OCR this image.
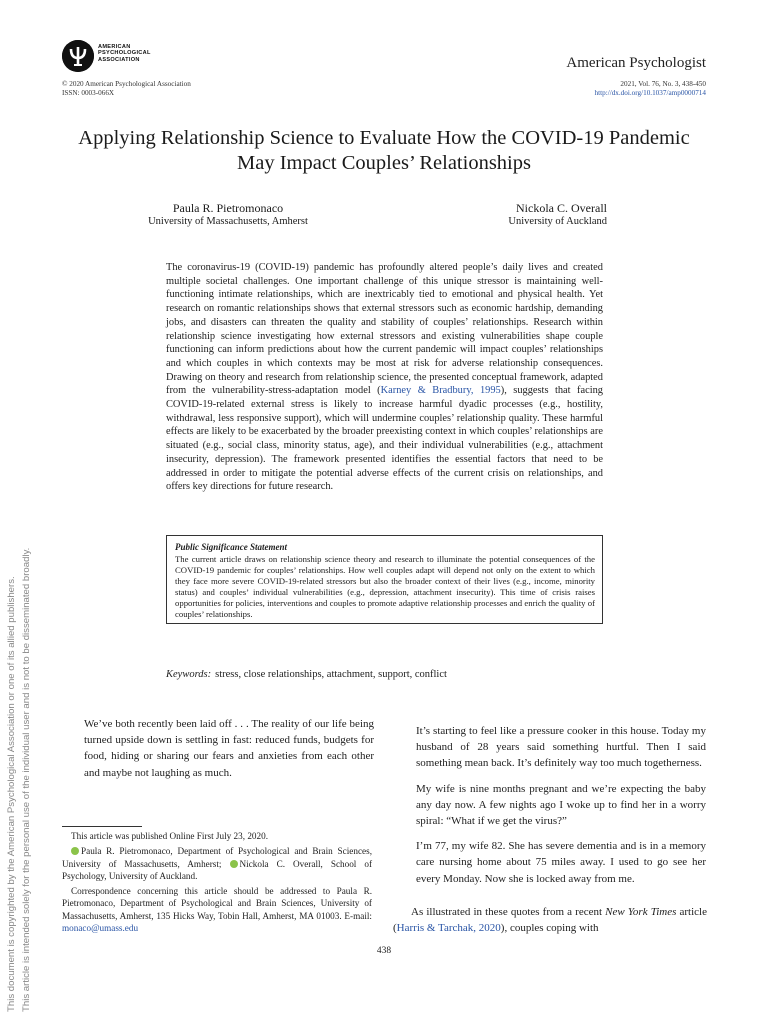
AMERICAN
PSYCHOLOGICAL
ASSOCIATION	American Psychologist
© 2020 American Psychological Association
ISSN: 0003-066X
2021, Vol. 76, No. 3, 438-450
http://dx.doi.org/10.1037/amp0000714
Applying Relationship Science to Evaluate How the COVID-19 Pandemic
May Impact Couples’ Relationships
Paula R. Pietromonaco
University of Massachusetts, Amherst
Nickola C. Overall
University of Auckland
The coronavirus-19 (COVID-19) pandemic has profoundly altered people’s daily lives and created multiple societal challenges. One important challenge of this unique stressor is maintaining well-functioning intimate relationships, which are inextricably tied to emotional and physical health. Yet research on romantic relationships shows that external stressors such as economic hardship, demanding jobs, and disasters can threaten the quality and stability of couples’ relationships. Research within relationship science investigating how external stressors and existing vulnerabilities shape couple functioning can inform predictions about how the current pandemic will impact couples’ relationships and which couples in which contexts may be most at risk for adverse relationship consequences. Drawing on theory and research from relationship science, the presented conceptual framework, adapted from the vulnerability-stress-adaptation model (Karney & Bradbury, 1995), suggests that facing COVID-19-related external stress is likely to increase harmful dyadic processes (e.g., hostility, withdrawal, less responsive support), which will undermine couples’ relationship quality. These harmful effects are likely to be exacerbated by the broader preexisting context in which couples’ relationships are situated (e.g., social class, minority status, age), and their individual vulnerabilities (e.g., attachment insecurity, depression). The framework presented identifies the essential factors that need to be addressed in order to mitigate the potential adverse effects of the current crisis on relationships, and offers key directions for future research.
Public Significance Statement
The current article draws on relationship science theory and research to illuminate the potential consequences of the COVID-19 pandemic for couples’ relationships. How well couples adapt will depend not only on the extent to which they face more severe COVID-19-related stressors but also the broader context of their lives (e.g., income, minority status) and couples’ individual vulnerabilities (e.g., depression, attachment insecurity). This time of crisis raises opportunities for policies, interventions and couples to promote adaptive relationship processes and enrich the quality of couples’ relationships.
Keywords: stress, close relationships, attachment, support, conflict
This document is copyrighted by the American Psychological Association or one of its allied publishers. This article is intended solely for the personal use of the individual user and is not to be disseminated broadly.	We’ve both recently been laid off . . . The reality of our life being turned upside down is settling in fast: reduced funds, budgets for food, hiding or sharing our fears and anxieties from each other and maybe not laughing as much.

It’s starting to feel like a pressure cooker in this house. Today my husband of 28 years said something hurtful. Then I said something mean back. It’s definitely way too much togetherness.

My wife is nine months pregnant and we’re expecting the baby any day now. A few nights ago I woke up to find her in a worry spiral: “What if we get the virus?”

I’m 77, my wife 82. She has severe dementia and is in a memory care nursing home about 75 miles away. I used to go see her every Monday. Now she is locked away from me.

As illustrated in these quotes from a recent New York Times article (Harris & Tarchak, 2020), couples coping with

This article was published Online First July 23, 2020.

Paula R. Pietromonaco, Department of Psychological and Brain Sciences, University of Massachusetts, Amherst; Nickola C. Overall, School of Psychology, University of Auckland.

Correspondence concerning this article should be addressed to Paula R. Pietromonaco, Department of Psychological and Brain Sciences, University of Massachusetts, Amherst, 135 Hicks Way, Tobin Hall, Amherst, MA 01003. E-mail: monaco@umass.edu

438
